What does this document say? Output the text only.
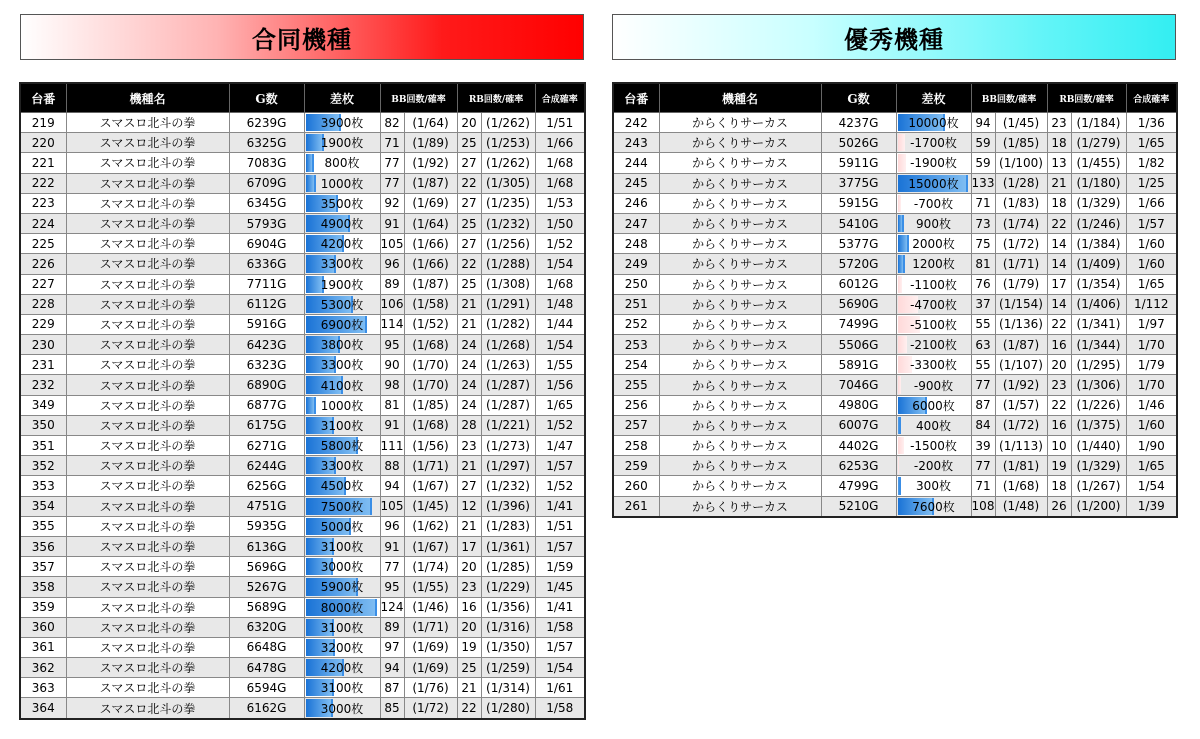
合同機種	優秀機種
台番	機種名	G数	差枚	BB回数/確率		RB回数/確率		合成確率
219	スマスロ北斗の拳	6239G	3900枚	82	(1/64)	20	(1/262)	1/51
220	スマスロ北斗の拳	6325G	1900枚	71	(1/89)	25	(1/253)	1/66
221	スマスロ北斗の拳	7083G	800枚	77	(1/92)	27	(1/262)	1/68
222	スマスロ北斗の拳	6709G	1000枚	77	(1/87)	22	(1/305)	1/68
223	スマスロ北斗の拳	6345G	3500枚	92	(1/69)	27	(1/235)	1/53
224	スマスロ北斗の拳	5793G	4900枚	91	(1/64)	25	(1/232)	1/50
225	スマスロ北斗の拳	6904G	4200枚	105	(1/66)	27	(1/256)	1/52
226	スマスロ北斗の拳	6336G	3300枚	96	(1/66)	22	(1/288)	1/54
227	スマスロ北斗の拳	7711G	1900枚	89	(1/87)	25	(1/308)	1/68
228	スマスロ北斗の拳	6112G	5300枚	106	(1/58)	21	(1/291)	1/48
229	スマスロ北斗の拳	5916G	6900枚	114	(1/52)	21	(1/282)	1/44
230	スマスロ北斗の拳	6423G	3800枚	95	(1/68)	24	(1/268)	1/54
231	スマスロ北斗の拳	6323G	3300枚	90	(1/70)	24	(1/263)	1/55
232	スマスロ北斗の拳	6890G	4100枚	98	(1/70)	24	(1/287)	1/56
349	スマスロ北斗の拳	6877G	1000枚	81	(1/85)	24	(1/287)	1/65
350	スマスロ北斗の拳	6175G	3100枚	91	(1/68)	28	(1/221)	1/52
351	スマスロ北斗の拳	6271G	5800枚	111	(1/56)	23	(1/273)	1/47
352	スマスロ北斗の拳	6244G	3300枚	88	(1/71)	21	(1/297)	1/57
353	スマスロ北斗の拳	6256G	4500枚	94	(1/67)	27	(1/232)	1/52
354	スマスロ北斗の拳	4751G	7500枚	105	(1/45)	12	(1/396)	1/41
355	スマスロ北斗の拳	5935G	5000枚	96	(1/62)	21	(1/283)	1/51
356	スマスロ北斗の拳	6136G	3100枚	91	(1/67)	17	(1/361)	1/57
357	スマスロ北斗の拳	5696G	3000枚	77	(1/74)	20	(1/285)	1/59
358	スマスロ北斗の拳	5267G	5900枚	95	(1/55)	23	(1/229)	1/45
359	スマスロ北斗の拳	5689G	8000枚	124	(1/46)	16	(1/356)	1/41
360	スマスロ北斗の拳	6320G	3100枚	89	(1/71)	20	(1/316)	1/58
361	スマスロ北斗の拳	6648G	3200枚	97	(1/69)	19	(1/350)	1/57
362	スマスロ北斗の拳	6478G	4200枚	94	(1/69)	25	(1/259)	1/54
363	スマスロ北斗の拳	6594G	3100枚	87	(1/76)	21	(1/314)	1/61
364	スマスロ北斗の拳	6162G	3000枚	85	(1/72)	22	(1/280)	1/58
台番	機種名	G数	差枚	BB回数/確率		RB回数/確率		合成確率
242	からくりサーカス	4237G	10000枚	94	(1/45)	23	(1/184)	1/36
243	からくりサーカス	5026G	-1700枚	59	(1/85)	18	(1/279)	1/65
244	からくりサーカス	5911G	-1900枚	59	(1/100)	13	(1/455)	1/82
245	からくりサーカス	3775G	15000枚	133	(1/28)	21	(1/180)	1/25
246	からくりサーカス	5915G	-700枚	71	(1/83)	18	(1/329)	1/66
247	からくりサーカス	5410G	900枚	73	(1/74)	22	(1/246)	1/57
248	からくりサーカス	5377G	2000枚	75	(1/72)	14	(1/384)	1/60
249	からくりサーカス	5720G	1200枚	81	(1/71)	14	(1/409)	1/60
250	からくりサーカス	6012G	-1100枚	76	(1/79)	17	(1/354)	1/65
251	からくりサーカス	5690G	-4700枚	37	(1/154)	14	(1/406)	1/112
252	からくりサーカス	7499G	-5100枚	55	(1/136)	22	(1/341)	1/97
253	からくりサーカス	5506G	-2100枚	63	(1/87)	16	(1/344)	1/70
254	からくりサーカス	5891G	-3300枚	55	(1/107)	20	(1/295)	1/79
255	からくりサーカス	7046G	-900枚	77	(1/92)	23	(1/306)	1/70
256	からくりサーカス	4980G	6000枚	87	(1/57)	22	(1/226)	1/46
257	からくりサーカス	6007G	400枚	84	(1/72)	16	(1/375)	1/60
258	からくりサーカス	4402G	-1500枚	39	(1/113)	10	(1/440)	1/90
259	からくりサーカス	6253G	-200枚	77	(1/81)	19	(1/329)	1/65
260	からくりサーカス	4799G	300枚	71	(1/68)	18	(1/267)	1/54
261	からくりサーカス	5210G	7600枚	108	(1/48)	26	(1/200)	1/39
